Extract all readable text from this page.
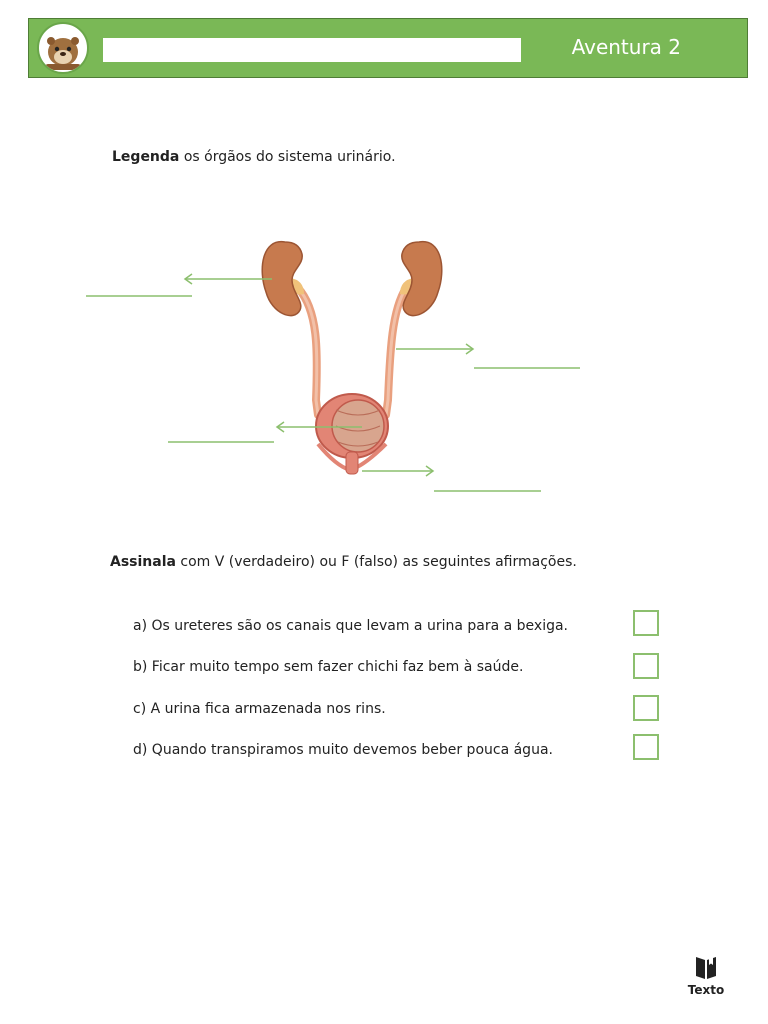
Aventura 2
Legenda os órgãos do sistema urinário.
Assinala com V (verdadeiro) ou F (falso) as seguintes afirmações.
a) Os ureteres são os canais que levam a urina para a bexiga.
b) Ficar muito tempo sem fazer chichi faz bem à saúde.
c) A urina fica armazenada nos rins.
d) Quando transpiramos muito devemos beber pouca água.
Texto
